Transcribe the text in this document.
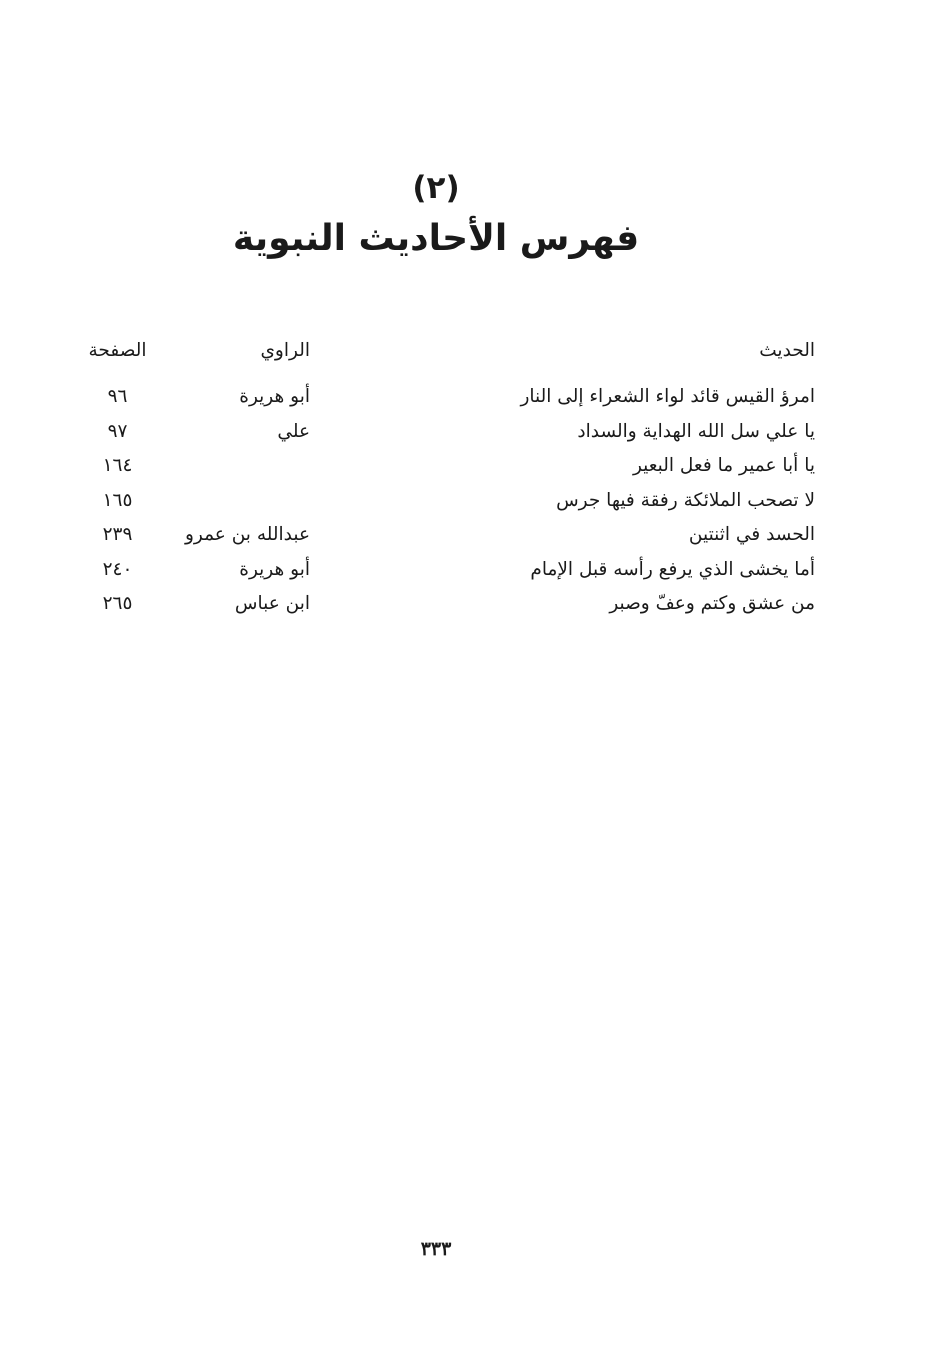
(٢)
فهرس الأحاديث النبوية
الحديث
الراوي
الصفحة
امرؤ القيس قائد لواء الشعراء إلى النار
أبو هريرة
٩٦
يا علي سل الله الهداية والسداد
علي
٩٧
يا أبا عمير ما فعل البعير
١٦٤
لا تصحب الملائكة رفقة فيها جرس
١٦٥
الحسد في اثنتين
عبدالله بن عمرو
٢٣٩
أما يخشى الذي يرفع رأسه قبل الإمام
أبو هريرة
٢٤٠
من عشق وكتم وعفّ وصبر
ابن عباس
٢٦٥
٣٣٣
